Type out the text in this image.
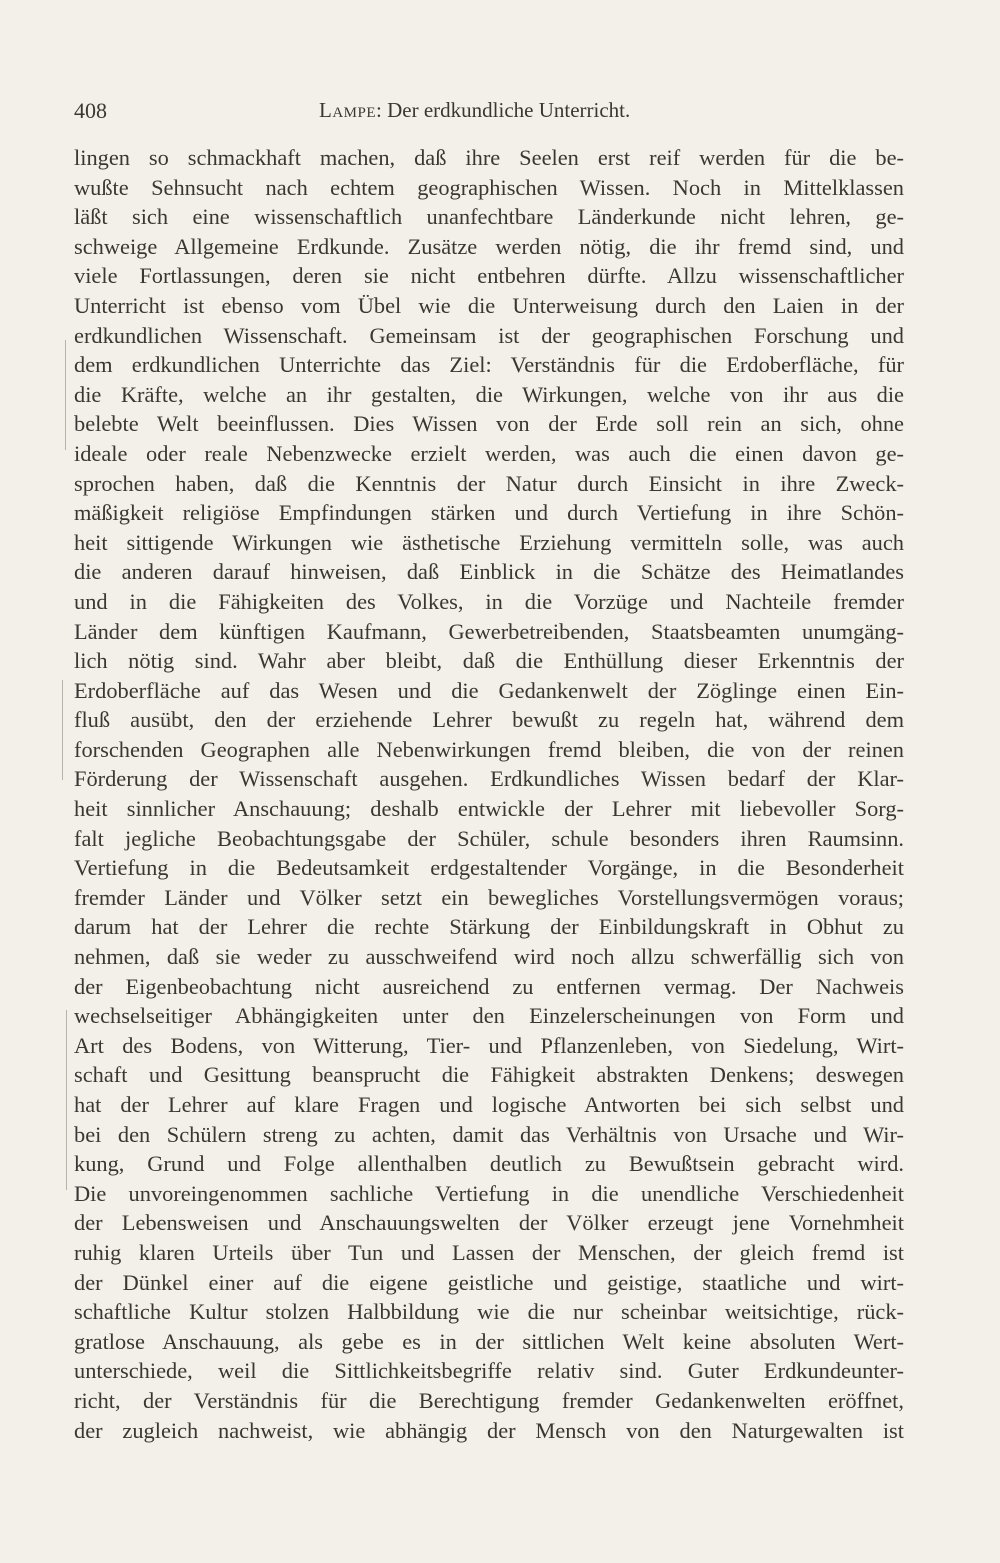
408	Lampe: Der erdkundliche Unterricht.
lingen so schmackhaft machen, daß ihre Seelen erst reif werden für die be-
wußte Sehnsucht nach echtem geographischen Wissen. Noch in Mittelklassen
läßt sich eine wissenschaftlich unanfechtbare Länderkunde nicht lehren, ge-
schweige Allgemeine Erdkunde. Zusätze werden nötig, die ihr fremd sind, und
viele Fortlassungen, deren sie nicht entbehren dürfte. Allzu wissenschaftlicher
Unterricht ist ebenso vom Übel wie die Unterweisung durch den Laien in der
erdkundlichen Wissenschaft. Gemeinsam ist der geographischen Forschung und
dem erdkundlichen Unterrichte das Ziel: Verständnis für die Erdoberfläche, für
die Kräfte, welche an ihr gestalten, die Wirkungen, welche von ihr aus die
belebte Welt beeinflussen. Dies Wissen von der Erde soll rein an sich, ohne
ideale oder reale Nebenzwecke erzielt werden, was auch die einen davon ge-
sprochen haben, daß die Kenntnis der Natur durch Einsicht in ihre Zweck-
mäßigkeit religiöse Empfindungen stärken und durch Vertiefung in ihre Schön-
heit sittigende Wirkungen wie ästhetische Erziehung vermitteln solle, was auch
die anderen darauf hinweisen, daß Einblick in die Schätze des Heimatlandes
und in die Fähigkeiten des Volkes, in die Vorzüge und Nachteile fremder
Länder dem künftigen Kaufmann, Gewerbetreibenden, Staatsbeamten unumgäng-
lich nötig sind. Wahr aber bleibt, daß die Enthüllung dieser Erkenntnis der
Erdoberfläche auf das Wesen und die Gedankenwelt der Zöglinge einen Ein-
fluß ausübt, den der erziehende Lehrer bewußt zu regeln hat, während dem
forschenden Geographen alle Nebenwirkungen fremd bleiben, die von der reinen
Förderung der Wissenschaft ausgehen. Erdkundliches Wissen bedarf der Klar-
heit sinnlicher Anschauung; deshalb entwickle der Lehrer mit liebevoller Sorg-
falt jegliche Beobachtungsgabe der Schüler, schule besonders ihren Raumsinn.
Vertiefung in die Bedeutsamkeit erdgestaltender Vorgänge, in die Besonderheit
fremder Länder und Völker setzt ein bewegliches Vorstellungsvermögen voraus;
darum hat der Lehrer die rechte Stärkung der Einbildungskraft in Obhut zu
nehmen, daß sie weder zu ausschweifend wird noch allzu schwerfällig sich von
der Eigenbeobachtung nicht ausreichend zu entfernen vermag. Der Nachweis
wechselseitiger Abhängigkeiten unter den Einzelerscheinungen von Form und
Art des Bodens, von Witterung, Tier- und Pflanzenleben, von Siedelung, Wirt-
schaft und Gesittung beansprucht die Fähigkeit abstrakten Denkens; deswegen
hat der Lehrer auf klare Fragen und logische Antworten bei sich selbst und
bei den Schülern streng zu achten, damit das Verhältnis von Ursache und Wir-
kung, Grund und Folge allenthalben deutlich zu Bewußtsein gebracht wird.
Die unvoreingenommen sachliche Vertiefung in die unendliche Verschiedenheit
der Lebensweisen und Anschauungswelten der Völker erzeugt jene Vornehmheit
ruhig klaren Urteils über Tun und Lassen der Menschen, der gleich fremd ist
der Dünkel einer auf die eigene geistliche und geistige, staatliche und wirt-
schaftliche Kultur stolzen Halbbildung wie die nur scheinbar weitsichtige, rück-
gratlose Anschauung, als gebe es in der sittlichen Welt keine absoluten Wert-
unterschiede, weil die Sittlichkeitsbegriffe relativ sind. Guter Erdkundeunter-
richt, der Verständnis für die Berechtigung fremder Gedankenwelten eröffnet,
der zugleich nachweist, wie abhängig der Mensch von den Naturgewalten ist
